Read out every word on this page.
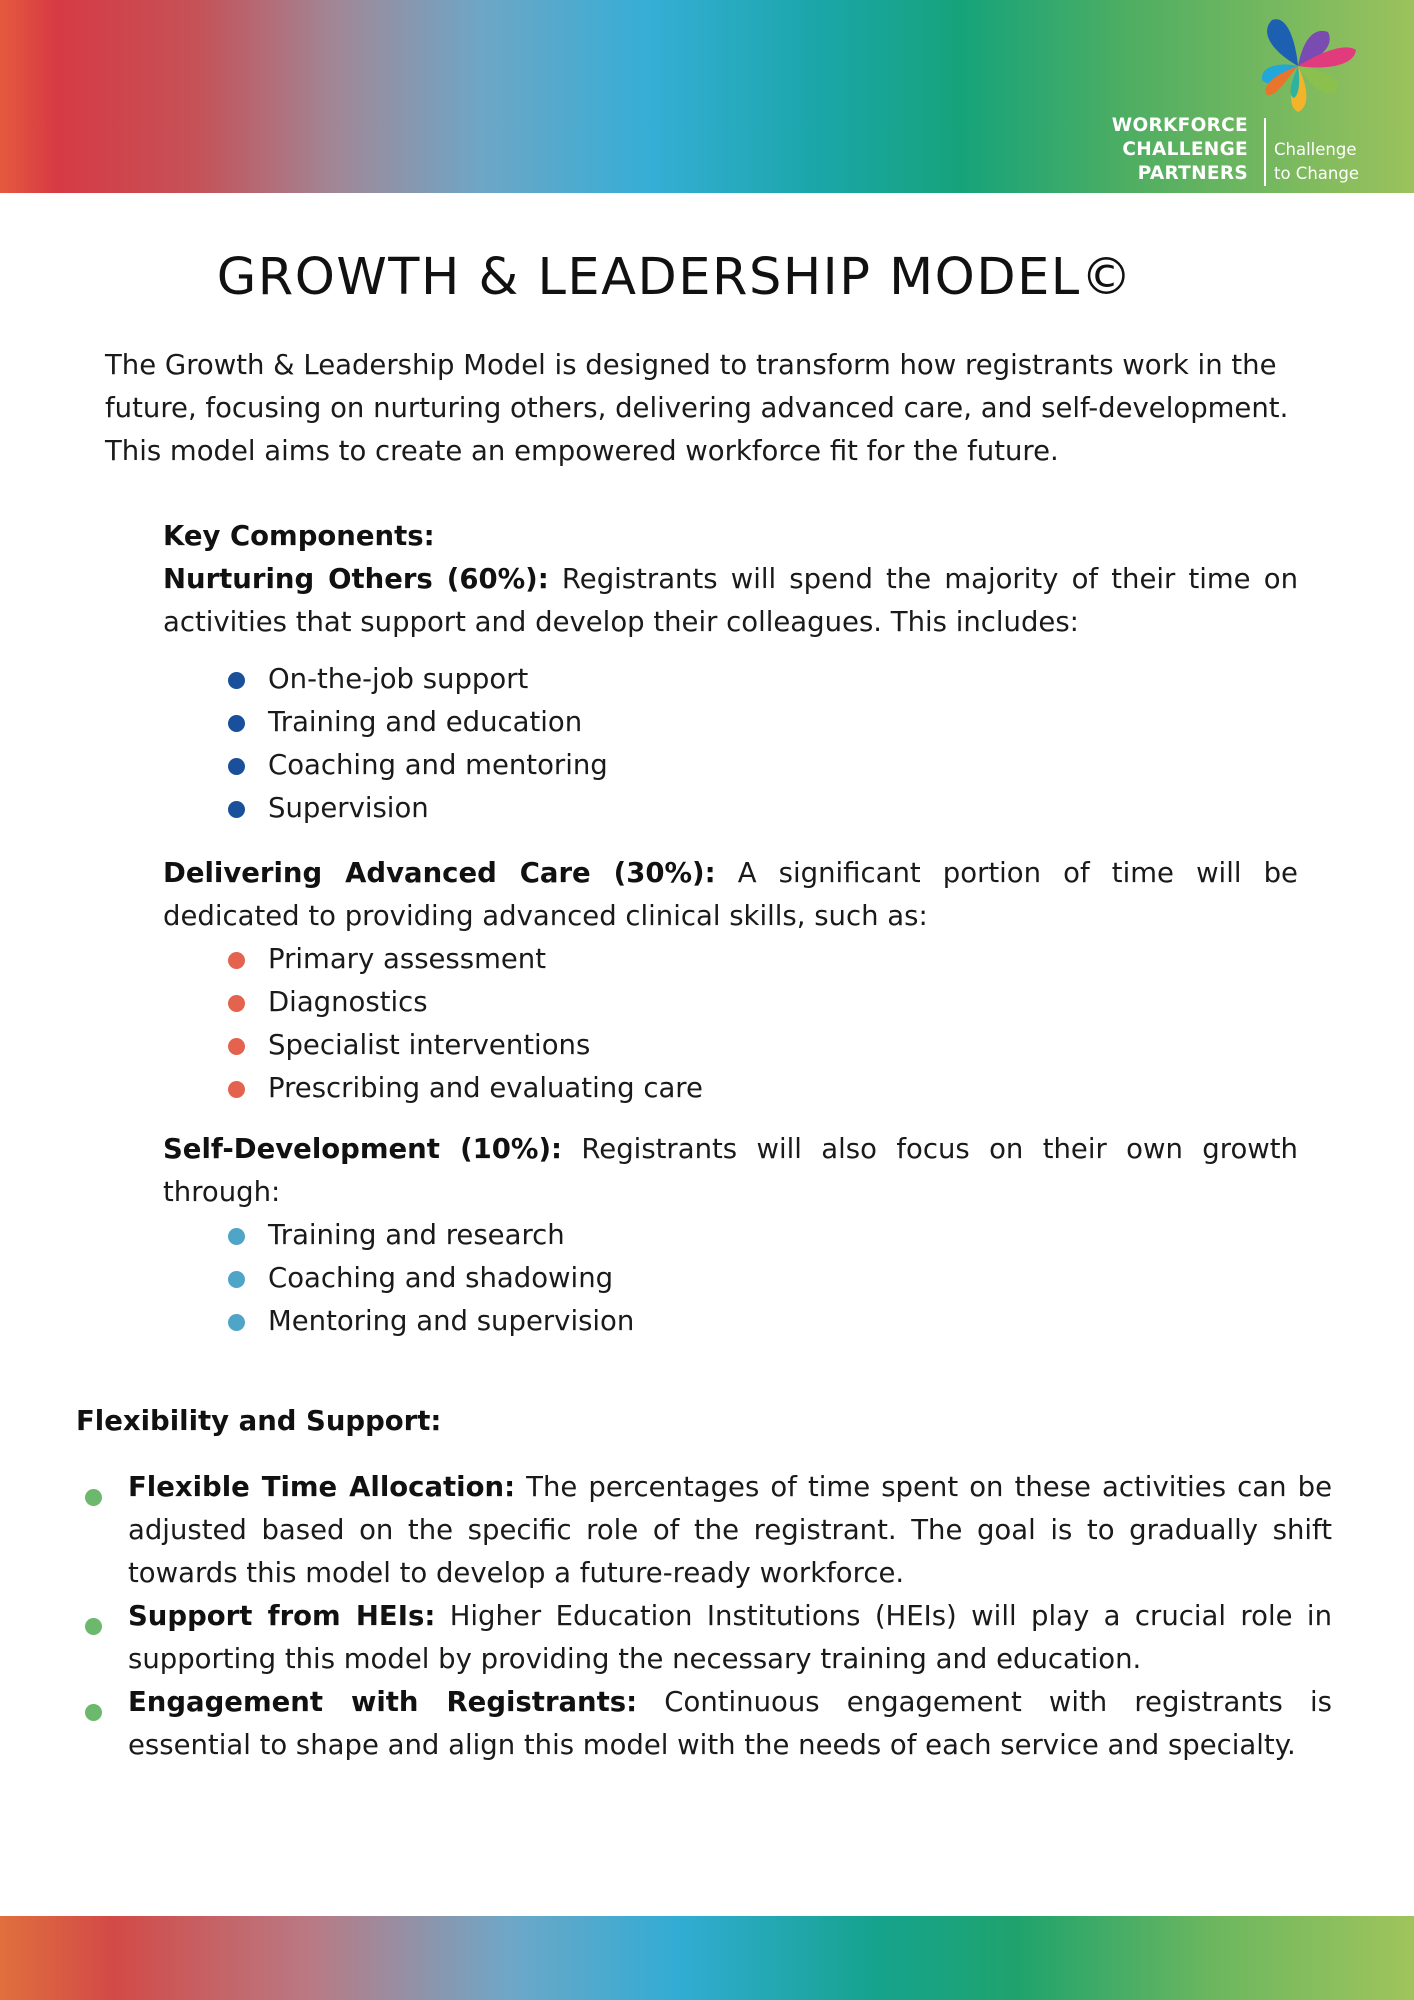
WORKFORCE
CHALLENGE
PARTNERS
Challenge
to Change
GROWTH & LEADERSHIP MODEL©

The Growth & Leadership Model is designed to transform how registrants work in the future, focusing on nurturing others, delivering advanced care, and self-development. This model aims to create an empowered workforce fit for the future.

Key Components:

Nurturing Others (60%): Registrants will spend the majority of their time on activities that support and develop their colleagues. This includes:

On-the-job support
Training and education
Coaching and mentoring
Supervision

Delivering Advanced Care (30%): A significant portion of time will be dedicated to providing advanced clinical skills, such as:

Primary assessment
Diagnostics
Specialist interventions
Prescribing and evaluating care

Self-Development (10%): Registrants will also focus on their own growth through:

Training and research
Coaching and shadowing
Mentoring and supervision
Flexibility and Support:

Flexible Time Allocation: The percentages of time spent on these activities can be adjusted based on the specific role of the registrant. The goal is to gradually shift towards this model to develop a future-ready workforce.

Support from HEIs: Higher Education Institutions (HEIs) will play a crucial role in supporting this model by providing the necessary training and education.

Engagement with Registrants: Continuous engagement with registrants is essential to shape and align this model with the needs of each service and specialty.
